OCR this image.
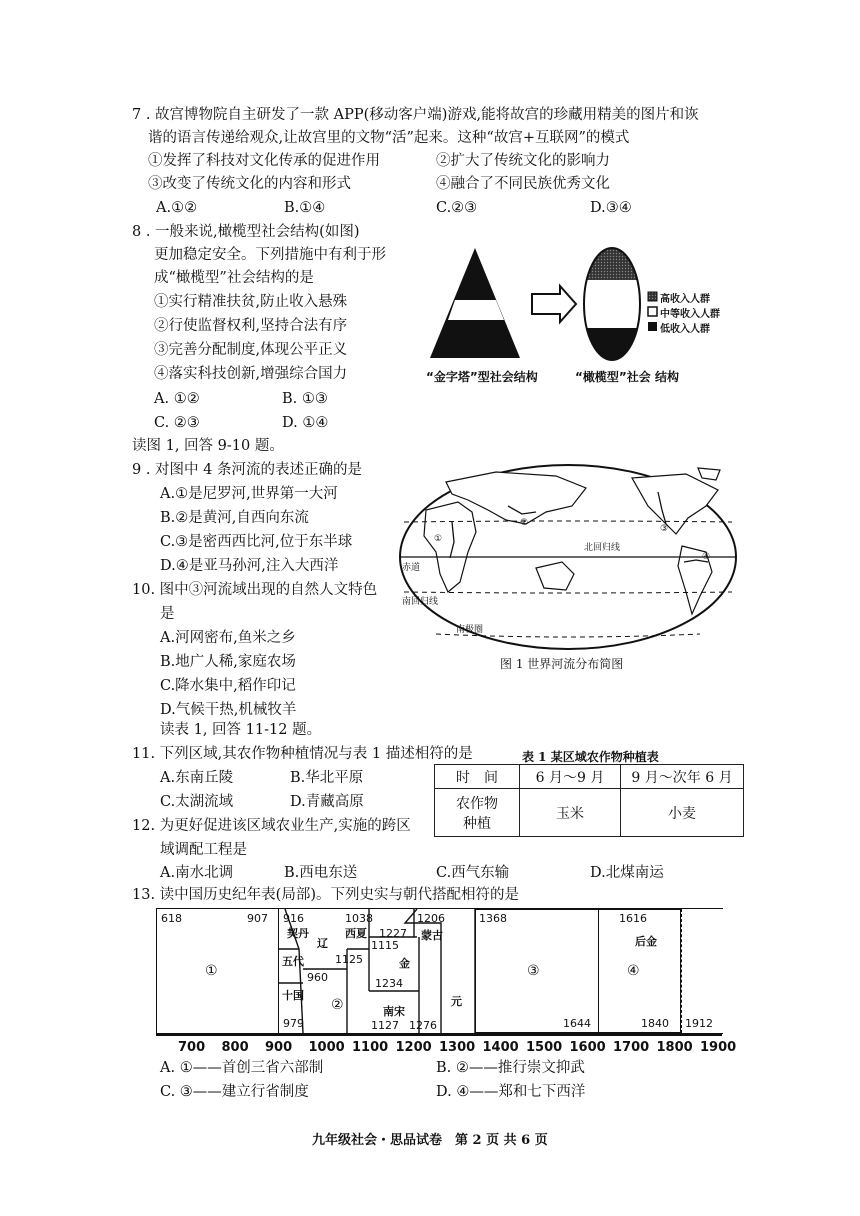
7 . 故宫博物院自主研发了一款 APP(移动客户端)游戏,能将故宫的珍藏用精美的图片和诙
谐的语言传递给观众,让故宫里的文物“活”起来。这种“故宫+互联网”的模式
①发挥了科技对文化传承的促进作用	②扩大了传统文化的影响力
③改变了传统文化的内容和形式	④融合了不同民族优秀文化
A.①②	B.①④	C.②③	D.③④
8 . 一般来说,橄榄型社会结构(如图)
更加稳定安全。下列措施中有利于形
成“橄榄型”社会结构的是
①实行精准扶贫,防止收入悬殊
②行使监督权利,坚持合法有序
③完善分配制度,体现公平正义
④落实科技创新,增强综合国力
A. ①②	B. ①③
C. ②③	D. ①④
高收入人群
中等收入人群
低收入人群
“金字塔”型社会结构	“橄榄型”社会 结构
读图 1, 回答 9-10 题。
9 . 对图中 4 条河流的表述正确的是
A.①是尼罗河,世界第一大河
B.②是黄河,自西向东流
C.③是密西西比河,位于东半球
D.④是亚马孙河,注入大西洋
10. 图中③河流域出现的自然人文特色
是
A.河网密布,鱼米之乡
B.地广人稀,家庭农场
C.降水集中,稻作印记
D.气候干热,机械牧羊
①
②
③
④
北回归线
赤道
南回归线
南极圈
图 1 世界河流分布简图
读表 1, 回答 11-12 题。
11. 下列区域,其农作物种植情况与表 1 描述相符的是
A.东南丘陵	B.华北平原
C.太湖流域	D.青藏高原
表 1 某区域农作物种植表
时　间	6 月～9 月	9 月～次年 6 月

农作物
种植	玉米	小麦
12. 为更好促进该区域农业生产,实施的跨区
域调配工程是
A.南水北调	B.西电东送	C.西气东输	D.北煤南运
13. 读中国历史纪年表(局部)。下列史实与朝代搭配相符的是
618	907
①
916
契丹
1038
西夏 1227
1206
蒙古
1115
辽
1125	金
五代
960	1234
十国
②	南宋
元
979	1127 1276
1368
③
1644
1616
后金
④
1840 1912
700 800 900 1000 1100 1200 1300 1400 1500 1600 1700 1800 1900
A. ①——首创三省六部制	B. ②——推行崇文抑武
C. ③——建立行省制度	D. ④——郑和七下西洋
九年级社会・思品试卷　第 2 页 共 6 页
